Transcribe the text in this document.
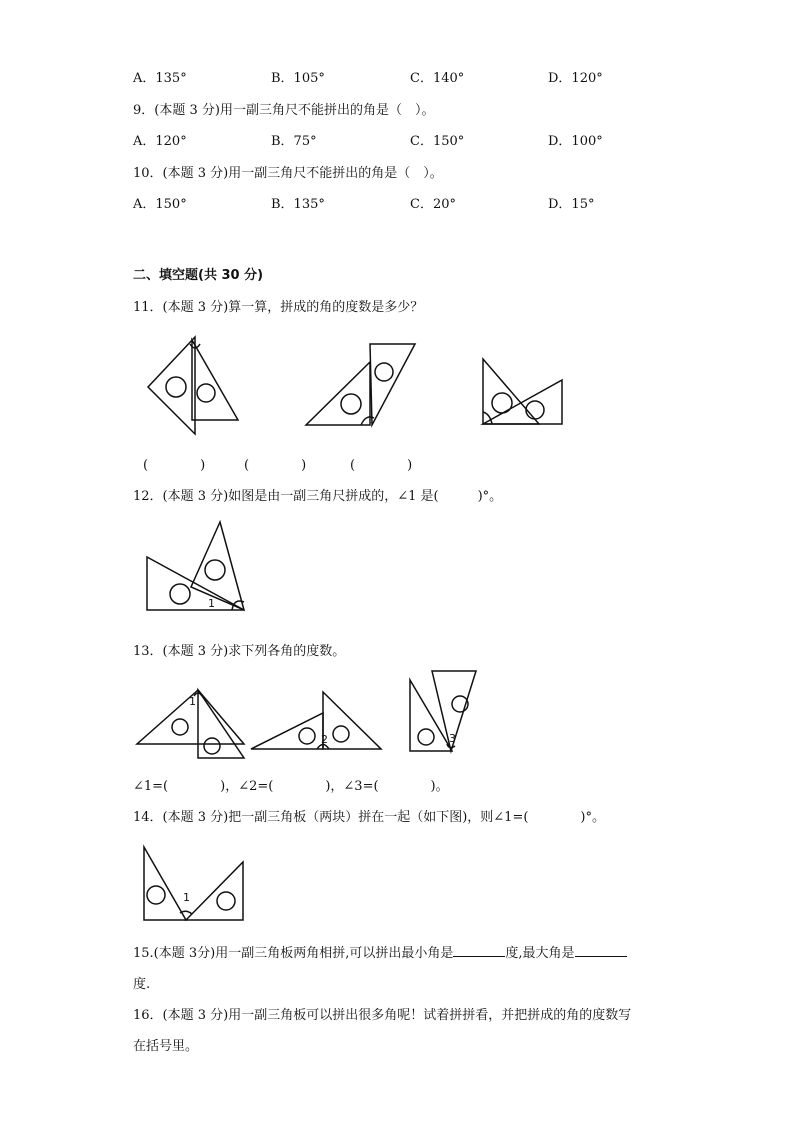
A．135°	B．105°	C．140°	D．120°
9．(本题 3 分)用一副三角尺不能拼出的角是（　）。
A．120°	B．75°	C．150°	D．100°
10．(本题 3 分)用一副三角尺不能拼出的角是（　）。
A．150°	B．135°	C．20°	D．15°
二、填空题(共 30 分)
11．(本题 3 分)算一算，拼成的角的度数是多少？
(　　　　)	(　　　　)	(　　　　)
12．(本题 3 分)如图是由一副三角尺拼成的，∠1 是(　　　)°。
1
13．(本题 3 分)求下列各角的度数。
1
2	3
∠1=(　　　　)，∠2=(　　　　)，∠3=(　　　　)。
14．(本题 3 分)把一副三角板（两块）拼在一起（如下图)，则∠1=(　　　　)°。
1
15.(本题 3分)用一副三角板两角相拼,可以拼出最小角是	度,最大角是
度.
16．(本题 3 分)用一副三角板可以拼出很多角呢！试着拼拼看，并把拼成的角的度数写
在括号里。
